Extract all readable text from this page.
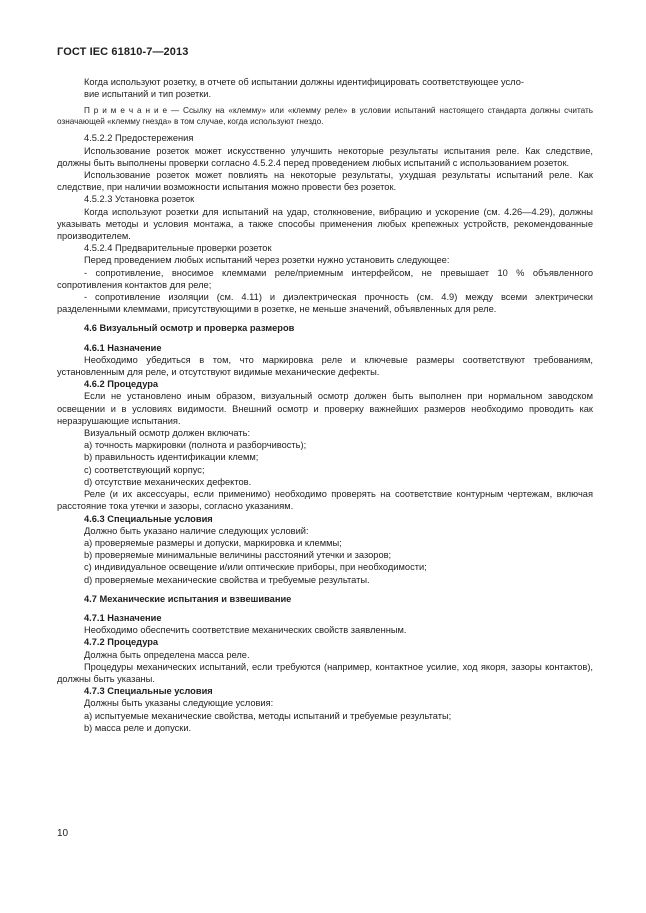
ГОСТ IEC 61810-7—2013

Когда используют розетку, в отчете об испытании должны идентифицировать соответствующее усло-

вие испытаний и тип розетки.

П р и м е ч а н и е — Ссылку на «клемму» или «клемму реле» в условии испытаний настоящего стандарта должны считать означающей «клемму гнезда» в том случае, когда используют гнездо.

4.5.2.2 Предостережения

Использование розеток может искусственно улучшить некоторые результаты испытания реле. Как следствие, должны быть выполнены проверки согласно 4.5.2.4 перед проведением любых испытаний с использованием розеток.

Использование розеток может повлиять на некоторые результаты, ухудшая результаты испытаний реле. Как следствие, при наличии возможности испытания можно провести без розеток.

4.5.2.3 Установка розеток

Когда используют розетки для испытаний на удар, столкновение, вибрацию и ускорение (см. 4.26—4.29), должны указывать методы и условия монтажа, а также способы применения любых крепежных устройств, рекомендованные производителем.

4.5.2.4 Предварительные проверки розеток

Перед проведением любых испытаний через розетки нужно установить следующее:

- сопротивление, вносимое клеммами реле/приемным интерфейсом, не превышает 10 % объявленного сопротивления контактов для реле;

- сопротивление изоляции (см. 4.11) и диэлектрическая прочность (см. 4.9) между всеми электрически разделенными клеммами, присутствующими в розетке, не меньше значений, объявленных для реле.

4.6 Визуальный осмотр и проверка размеров

4.6.1 Назначение

Необходимо убедиться в том, что маркировка реле и ключевые размеры соответствуют требованиям, установленным для реле, и отсутствуют видимые механические дефекты.

4.6.2 Процедура

Если не установлено иным образом, визуальный осмотр должен быть выполнен при нормальном заводском освещении и в условиях видимости. Внешний осмотр и проверку важнейших размеров необходимо проводить как неразрушающие испытания.

Визуальный осмотр должен включать:

a) точность маркировки (полнота и разборчивость);

b) правильность идентификации клемм;

c) соответствующий корпус;

d) отсутствие механических дефектов.

Реле (и их аксессуары, если применимо) необходимо проверять на соответствие контурным чертежам, включая расстояние тока утечки и зазоры, согласно указаниям.

4.6.3 Специальные условия

Должно быть указано наличие следующих условий:

a) проверяемые размеры и допуски, маркировка и клеммы;

b) проверяемые минимальные величины расстояний утечки и зазоров;

c) индивидуальное освещение и/или оптические приборы, при необходимости;

d) проверяемые механические свойства и требуемые результаты.

4.7 Механические испытания и взвешивание

4.7.1 Назначение

Необходимо обеспечить соответствие механических свойств заявленным.

4.7.2 Процедура

Должна быть определена масса реле.

Процедуры механических испытаний, если требуются (например, контактное усилие, ход якоря, зазоры контактов), должны быть указаны.

4.7.3 Специальные условия

Должны быть указаны следующие условия:

a) испытуемые механические свойства, методы испытаний и требуемые результаты;

b) масса реле и допуски.

10
